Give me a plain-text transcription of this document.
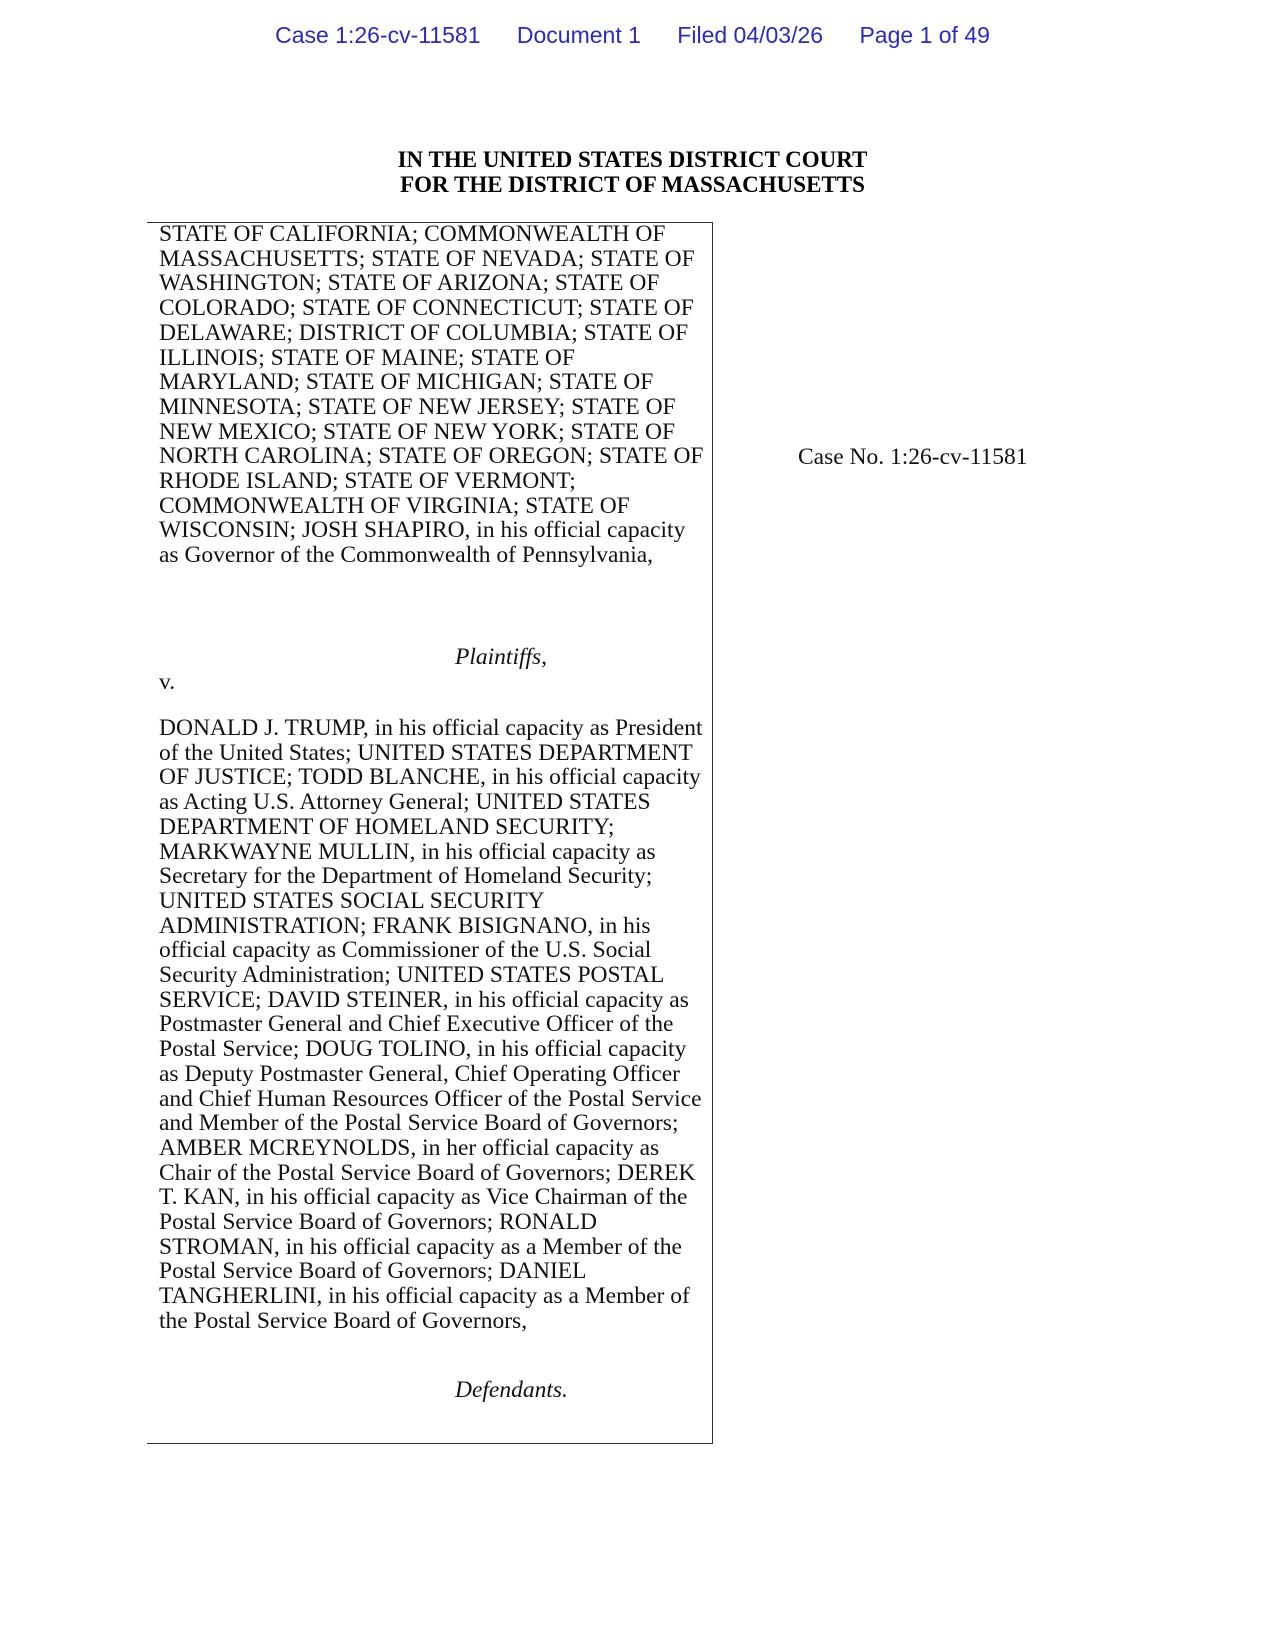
Case 1:26-cv-11581 Document 1 Filed 04/03/26 Page 1 of 49
IN THE UNITED STATES DISTRICT COURT
FOR THE DISTRICT OF MASSACHUSETTS
STATE OF CALIFORNIA; COMMONWEALTH OF MASSACHUSETTS; STATE OF NEVADA; STATE OF WASHINGTON; STATE OF ARIZONA; STATE OF COLORADO; STATE OF CONNECTICUT; STATE OF DELAWARE; DISTRICT OF COLUMBIA; STATE OF ILLINOIS; STATE OF MAINE; STATE OF MARYLAND; STATE OF MICHIGAN; STATE OF MINNESOTA; STATE OF NEW JERSEY; STATE OF NEW MEXICO; STATE OF NEW YORK; STATE OF NORTH CAROLINA; STATE OF OREGON; STATE OF RHODE ISLAND; STATE OF VERMONT; COMMONWEALTH OF VIRGINIA; STATE OF WISCONSIN; JOSH SHAPIRO, in his official capacity as Governor of the Commonwealth of Pennsylvania,
Plaintiffs,
v.
DONALD J. TRUMP, in his official capacity as President of the United States; UNITED STATES DEPARTMENT OF JUSTICE; TODD BLANCHE, in his official capacity as Acting U.S. Attorney General; UNITED STATES DEPARTMENT OF HOMELAND SECURITY; MARKWAYNE MULLIN, in his official capacity as Secretary for the Department of Homeland Security; UNITED STATES SOCIAL SECURITY ADMINISTRATION; FRANK BISIGNANO, in his official capacity as Commissioner of the U.S. Social Security Administration; UNITED STATES POSTAL SERVICE; DAVID STEINER, in his official capacity as Postmaster General and Chief Executive Officer of the Postal Service; DOUG TOLINO, in his official capacity as Deputy Postmaster General, Chief Operating Officer and Chief Human Resources Officer of the Postal Service and Member of the Postal Service Board of Governors; AMBER MCREYNOLDS, in her official capacity as Chair of the Postal Service Board of Governors; DEREK T. KAN, in his official capacity as Vice Chairman of the Postal Service Board of Governors; RONALD STROMAN, in his official capacity as a Member of the Postal Service Board of Governors; DANIEL TANGHERLINI, in his official capacity as a Member of the Postal Service Board of Governors,
Defendants.
Case No. 1:26-cv-11581
